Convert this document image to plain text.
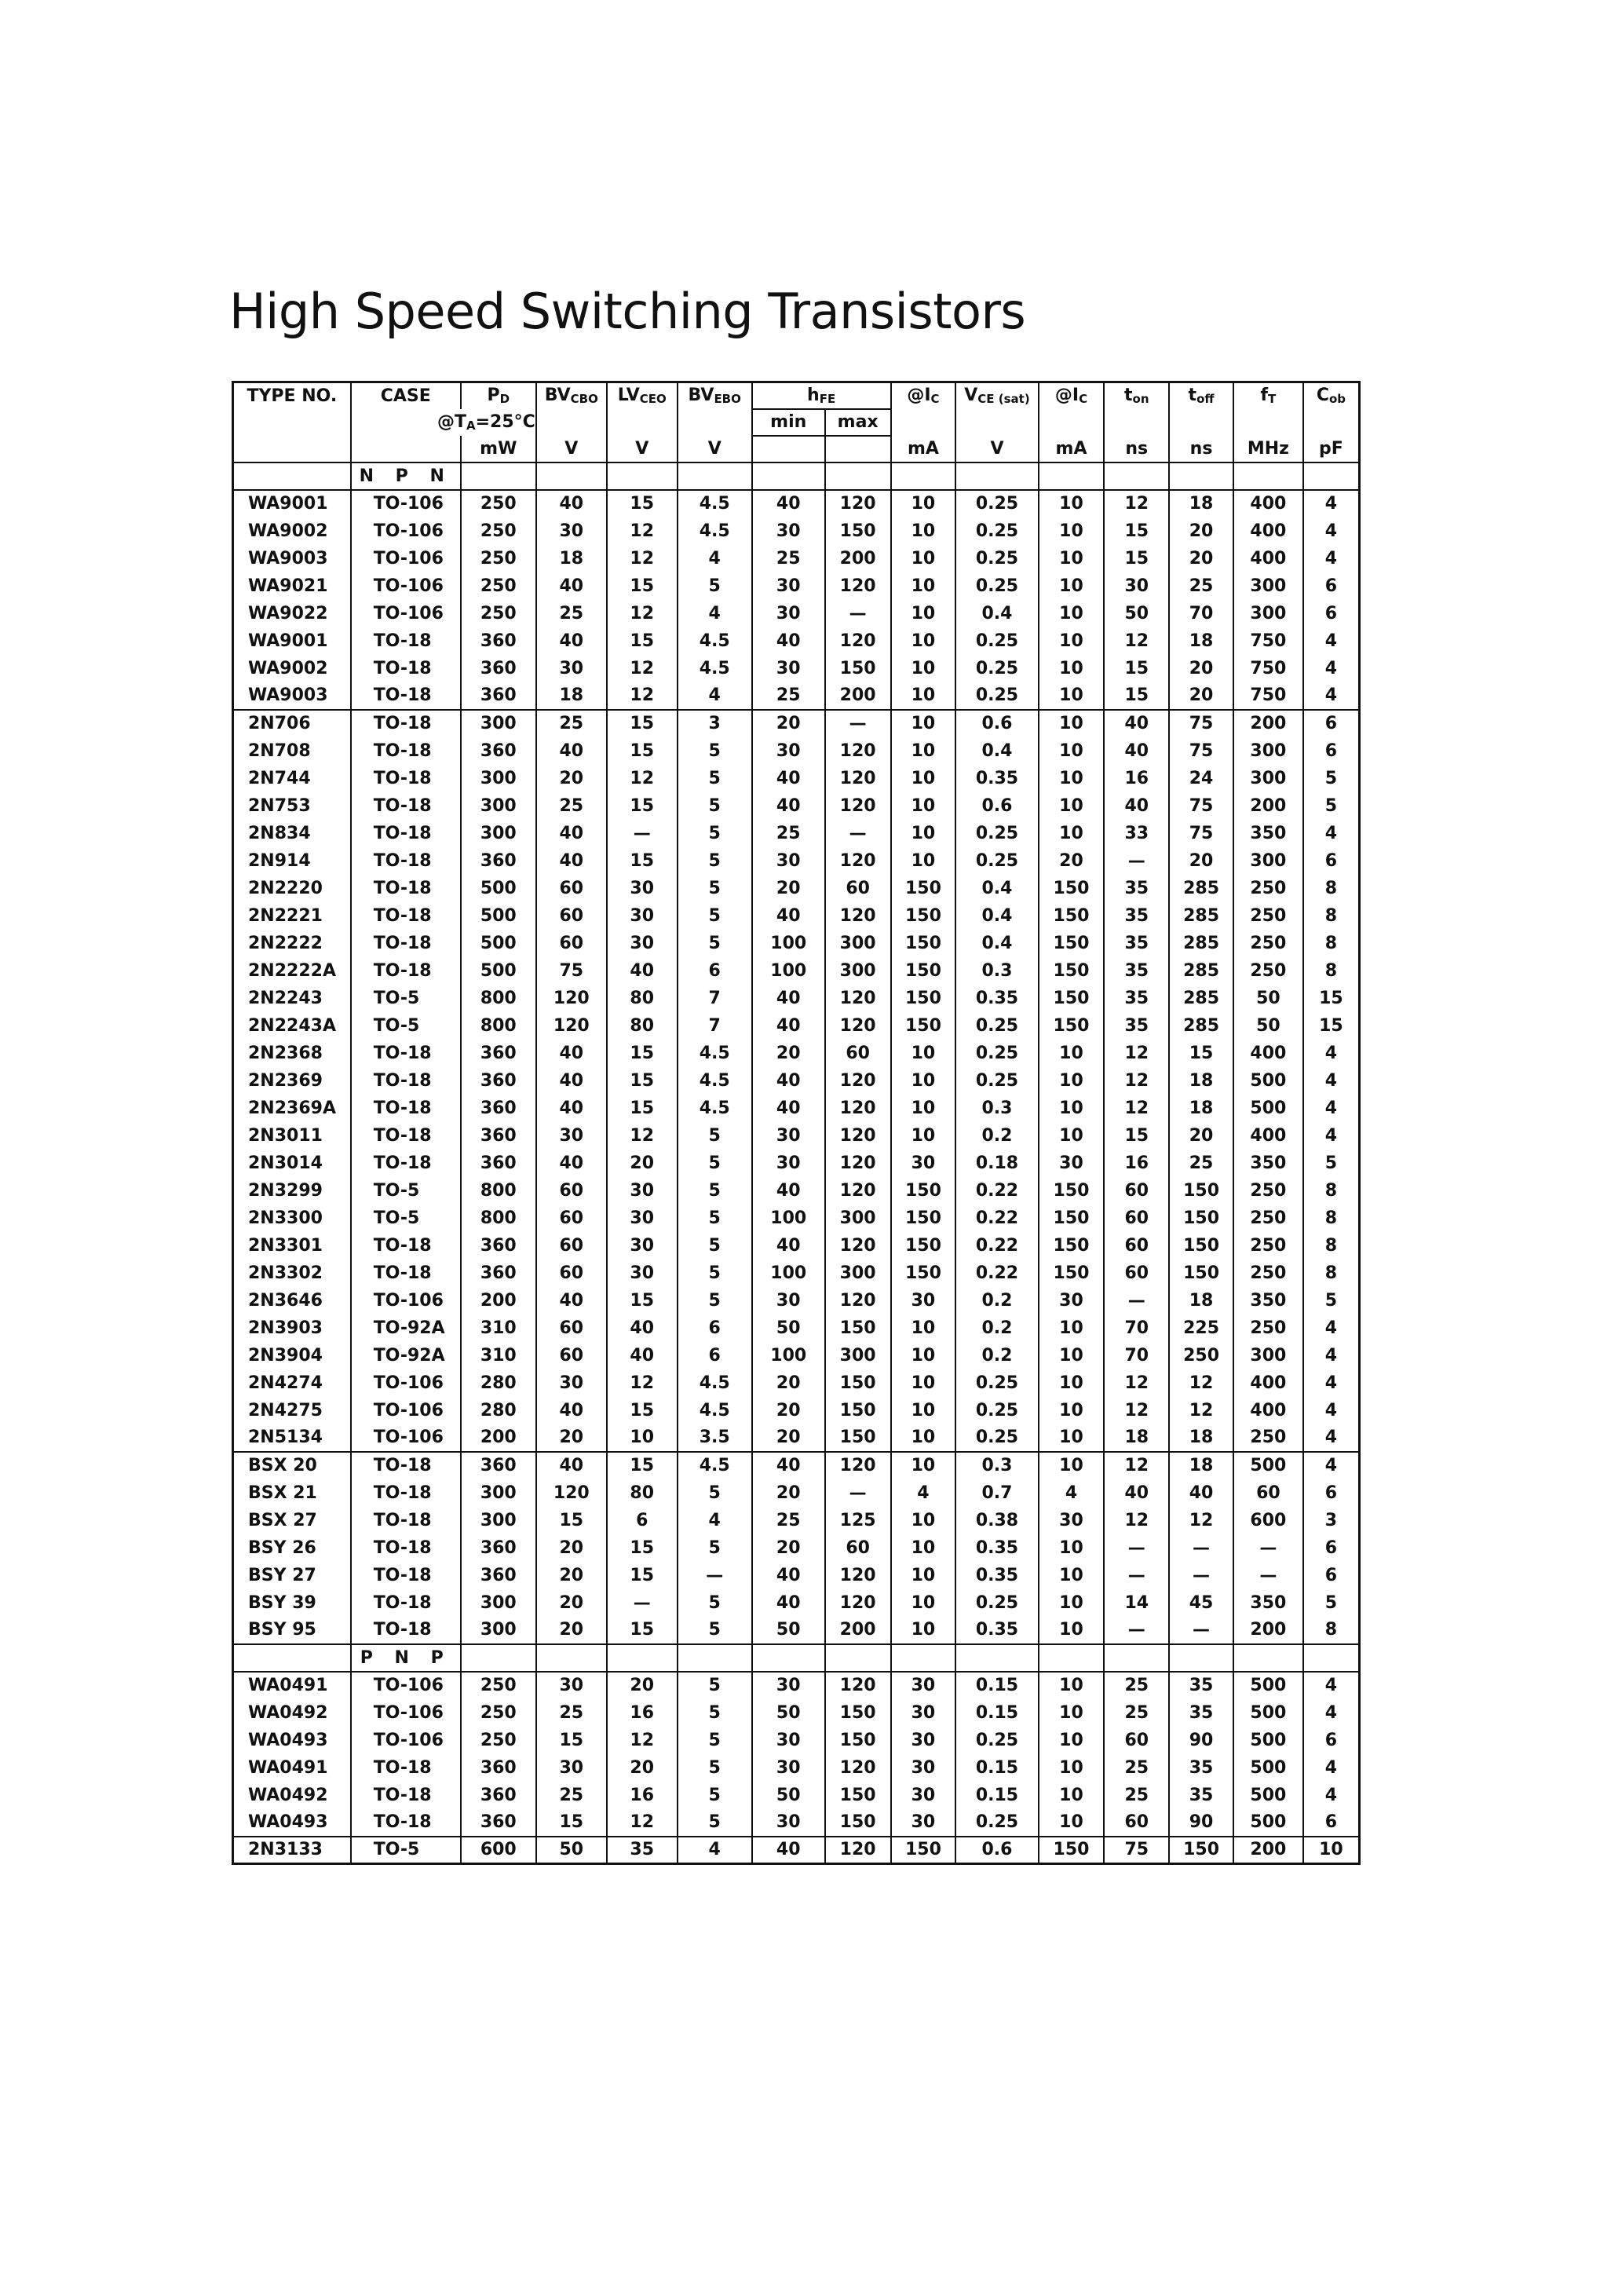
High Speed Switching Transistors
TYPE NO.	CASE	$P_D$	$BV_{CBO}$	$LV_{CEO}$	$BV_{EBO}$	$h_{FE}$		$@I_C$	$V_{CE (sat)}$	$@I_C$	$t_{on}$	$t_{off}$	$f_T$	$C_{ob}$
	$@T_A=25^\circ C$					min	max							
		mW	V	V	V			mA	V	mA	ns	ns	MHz	pF
	N P N													
WA9001	TO-106	250	40	15	4.5	40	120	10	0.25	10	12	18	400	4
WA9002	TO-106	250	30	12	4.5	30	150	10	0.25	10	15	20	400	4
WA9003	TO-106	250	18	12	4	25	200	10	0.25	10	15	20	400	4
WA9021	TO-106	250	40	15	5	30	120	10	0.25	10	30	25	300	6
WA9022	TO-106	250	25	12	4	30	—	10	0.4	10	50	70	300	6
WA9001	TO-18	360	40	15	4.5	40	120	10	0.25	10	12	18	750	4
WA9002	TO-18	360	30	12	4.5	30	150	10	0.25	10	15	20	750	4
WA9003	TO-18	360	18	12	4	25	200	10	0.25	10	15	20	750	4
2N706	TO-18	300	25	15	3	20	—	10	0.6	10	40	75	200	6
2N708	TO-18	360	40	15	5	30	120	10	0.4	10	40	75	300	6
2N744	TO-18	300	20	12	5	40	120	10	0.35	10	16	24	300	5
2N753	TO-18	300	25	15	5	40	120	10	0.6	10	40	75	200	5
2N834	TO-18	300	40	—	5	25	—	10	0.25	10	33	75	350	4
2N914	TO-18	360	40	15	5	30	120	10	0.25	20	—	20	300	6
2N2220	TO-18	500	60	30	5	20	60	150	0.4	150	35	285	250	8
2N2221	TO-18	500	60	30	5	40	120	150	0.4	150	35	285	250	8
2N2222	TO-18	500	60	30	5	100	300	150	0.4	150	35	285	250	8
2N2222A	TO-18	500	75	40	6	100	300	150	0.3	150	35	285	250	8
2N2243	TO-5	800	120	80	7	40	120	150	0.35	150	35	285	50	15
2N2243A	TO-5	800	120	80	7	40	120	150	0.25	150	35	285	50	15
2N2368	TO-18	360	40	15	4.5	20	60	10	0.25	10	12	15	400	4
2N2369	TO-18	360	40	15	4.5	40	120	10	0.25	10	12	18	500	4
2N2369A	TO-18	360	40	15	4.5	40	120	10	0.3	10	12	18	500	4
2N3011	TO-18	360	30	12	5	30	120	10	0.2	10	15	20	400	4
2N3014	TO-18	360	40	20	5	30	120	30	0.18	30	16	25	350	5
2N3299	TO-5	800	60	30	5	40	120	150	0.22	150	60	150	250	8
2N3300	TO-5	800	60	30	5	100	300	150	0.22	150	60	150	250	8
2N3301	TO-18	360	60	30	5	40	120	150	0.22	150	60	150	250	8
2N3302	TO-18	360	60	30	5	100	300	150	0.22	150	60	150	250	8
2N3646	TO-106	200	40	15	5	30	120	30	0.2	30	—	18	350	5
2N3903	TO-92A	310	60	40	6	50	150	10	0.2	10	70	225	250	4
2N3904	TO-92A	310	60	40	6	100	300	10	0.2	10	70	250	300	4
2N4274	TO-106	280	30	12	4.5	20	150	10	0.25	10	12	12	400	4
2N4275	TO-106	280	40	15	4.5	20	150	10	0.25	10	12	12	400	4
2N5134	TO-106	200	20	10	3.5	20	150	10	0.25	10	18	18	250	4
BSX 20	TO-18	360	40	15	4.5	40	120	10	0.3	10	12	18	500	4
BSX 21	TO-18	300	120	80	5	20	—	4	0.7	4	40	40	60	6
BSX 27	TO-18	300	15	6	4	25	125	10	0.38	30	12	12	600	3
BSY 26	TO-18	360	20	15	5	20	60	10	0.35	10	—	—	—	6
BSY 27	TO-18	360	20	15	—	40	120	10	0.35	10	—	—	—	6
BSY 39	TO-18	300	20	—	5	40	120	10	0.25	10	14	45	350	5
BSY 95	TO-18	300	20	15	5	50	200	10	0.35	10	—	—	200	8
	P N P													
WA0491	TO-106	250	30	20	5	30	120	30	0.15	10	25	35	500	4
WA0492	TO-106	250	25	16	5	50	150	30	0.15	10	25	35	500	4
WA0493	TO-106	250	15	12	5	30	150	30	0.25	10	60	90	500	6
WA0491	TO-18	360	30	20	5	30	120	30	0.15	10	25	35	500	4
WA0492	TO-18	360	25	16	5	50	150	30	0.15	10	25	35	500	4
WA0493	TO-18	360	15	12	5	30	150	30	0.25	10	60	90	500	6
2N3133	TO-5	600	50	35	4	40	120	150	0.6	150	75	150	200	10
